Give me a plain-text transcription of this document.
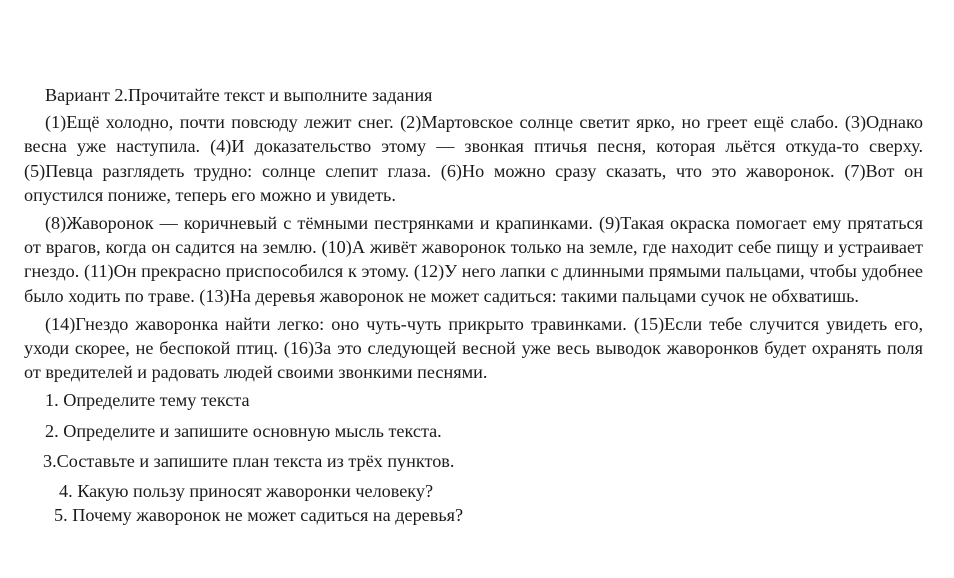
Вариант 2.Прочитайте текст и выполните задания

(1)Ещё холодно, почти повсюду лежит снег. (2)Мартовское солнце светит ярко, но греет ещё слабо. (3)Однако весна уже наступила. (4)И доказательство этому — звонкая птичья песня, которая льётся откуда-то сверху. (5)Певца разглядеть трудно: солнце слепит глаза. (6)Но можно сразу сказать, что это жаворонок. (7)Вот он опустился пониже, теперь его можно и увидеть.

(8)Жаворонок — коричневый с тёмными пестрянками и крапинками. (9)Такая окраска помогает ему прятаться от врагов, когда он садится на землю. (10)А живёт жаворонок только на земле, где находит себе пищу и устраивает гнездо. (11)Он прекрасно приспособился к этому. (12)У него лапки с длинными прямыми пальцами, чтобы удобнее было ходить по траве. (13)На деревья жаворонок не может садиться: такими пальцами сучок не обхватишь.

(14)Гнездо жаворонка найти легко: оно чуть-чуть прикрыто травинками. (15)Если тебе случится увидеть его, уходи скорее, не беспокой птиц. (16)За это следующей весной уже весь выводок жаворонков будет охранять поля от вредителей и радовать людей своими звонкими песнями.

1. Определите тему текста

2. Определите и запишите основную мысль текста.

3.Составьте и запишите план текста из трёх пунктов.

4. Какую пользу приносят жаворонки человеку?

5. Почему жаворонок не может садиться на деревья?
